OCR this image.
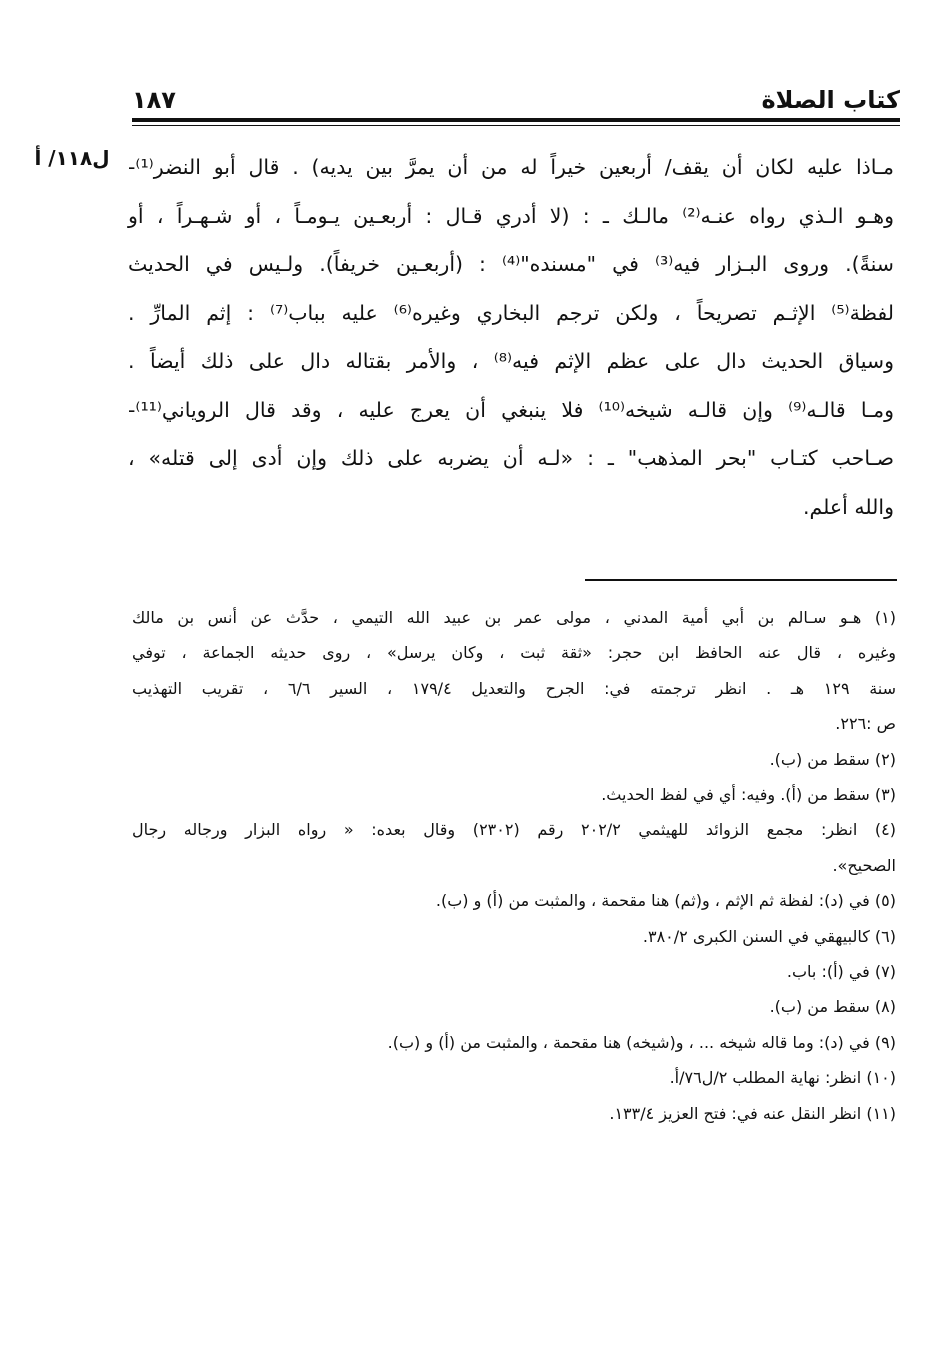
كتاب الصلاة
١٨٧
ل١١٨/ أ مـاذا عليه لكان أن يقف/ أربعين خيراً له من أن يمرَّ بين يديه) . قال أبو النضر⁽¹⁾-
وهـو الـذي رواه عنـه⁽²⁾ مالـك ـ : (لا أدري قـال : أربعـين يـومـاً ، أو شـهـراً ، أو
سنةً). وروى البـزار فيه⁽³⁾ في "مسنده"⁽⁴⁾ : (أربعـين خريفاً). ولـيس في الحديث
لفظة⁽⁵⁾ الإثـم تصريحاً ، ولكن ترجم البخاري وغيره⁽⁶⁾ عليه بباب⁽⁷⁾ : إثم المارِّ .
وسياق الحديث دال على عظم الإثم فيه⁽⁸⁾ ، والأمر بقتاله دال على ذلك أيضاً .
ومـا قالـه⁽⁹⁾ وإن قالـه شيخه⁽¹⁰⁾ فلا ينبغي أن يعرج عليه ، وقد قال الروياني⁽¹¹⁾-
صـاحب كتـاب "بحر المذهب" ـ : «لـه أن يضربه على ذلك وإن أدى إلى قتله» ،
والله أعلم.
(١) هـو سـالم بن أبي أمية المدني ، مولى عمر بن عبيد الله التيمي ، حدَّث عن أنس بن مالك
وغيره ، قال عنه الحافظ ابن حجر: «ثقة ثبت ، وكان يرسل» ، روى حديثه الجماعة ، توفي
سنة ١٢٩ هـ . انظر ترجمته في: الجرح والتعديل ١٧٩/٤ ، السير ٦/٦ ، تقريب التهذيب
ص :٢٢٦.
(٢) سقط من (ب).
(٣) سقط من (أ). وفيه: أي في لفظ الحديث.
(٤) انظر: مجمع الزوائد للهيثمي ٢٠٢/٢ رقم (٢٣٠٢) وقال بعده: « رواه البزار ورجاله رجال
الصحيح».
(٥) في (د): لفظة ثم الإثم ، و(ثم) هنا مقحمة ، والمثبت من (أ) و (ب).
(٦) كالبيهقي في السنن الكبرى ٣٨٠/٢.
(٧) في (أ): باب.
(٨) سقط من (ب).
(٩) في (د): وما قاله شيخه ... ، و(شيخه) هنا مقحمة ، والمثبت من (أ) و (ب).
(١٠) انظر: نهاية المطلب ٢/ل٧٦/أ.
(١١) انظر النقل عنه في: فتح العزيز ١٣٣/٤.
